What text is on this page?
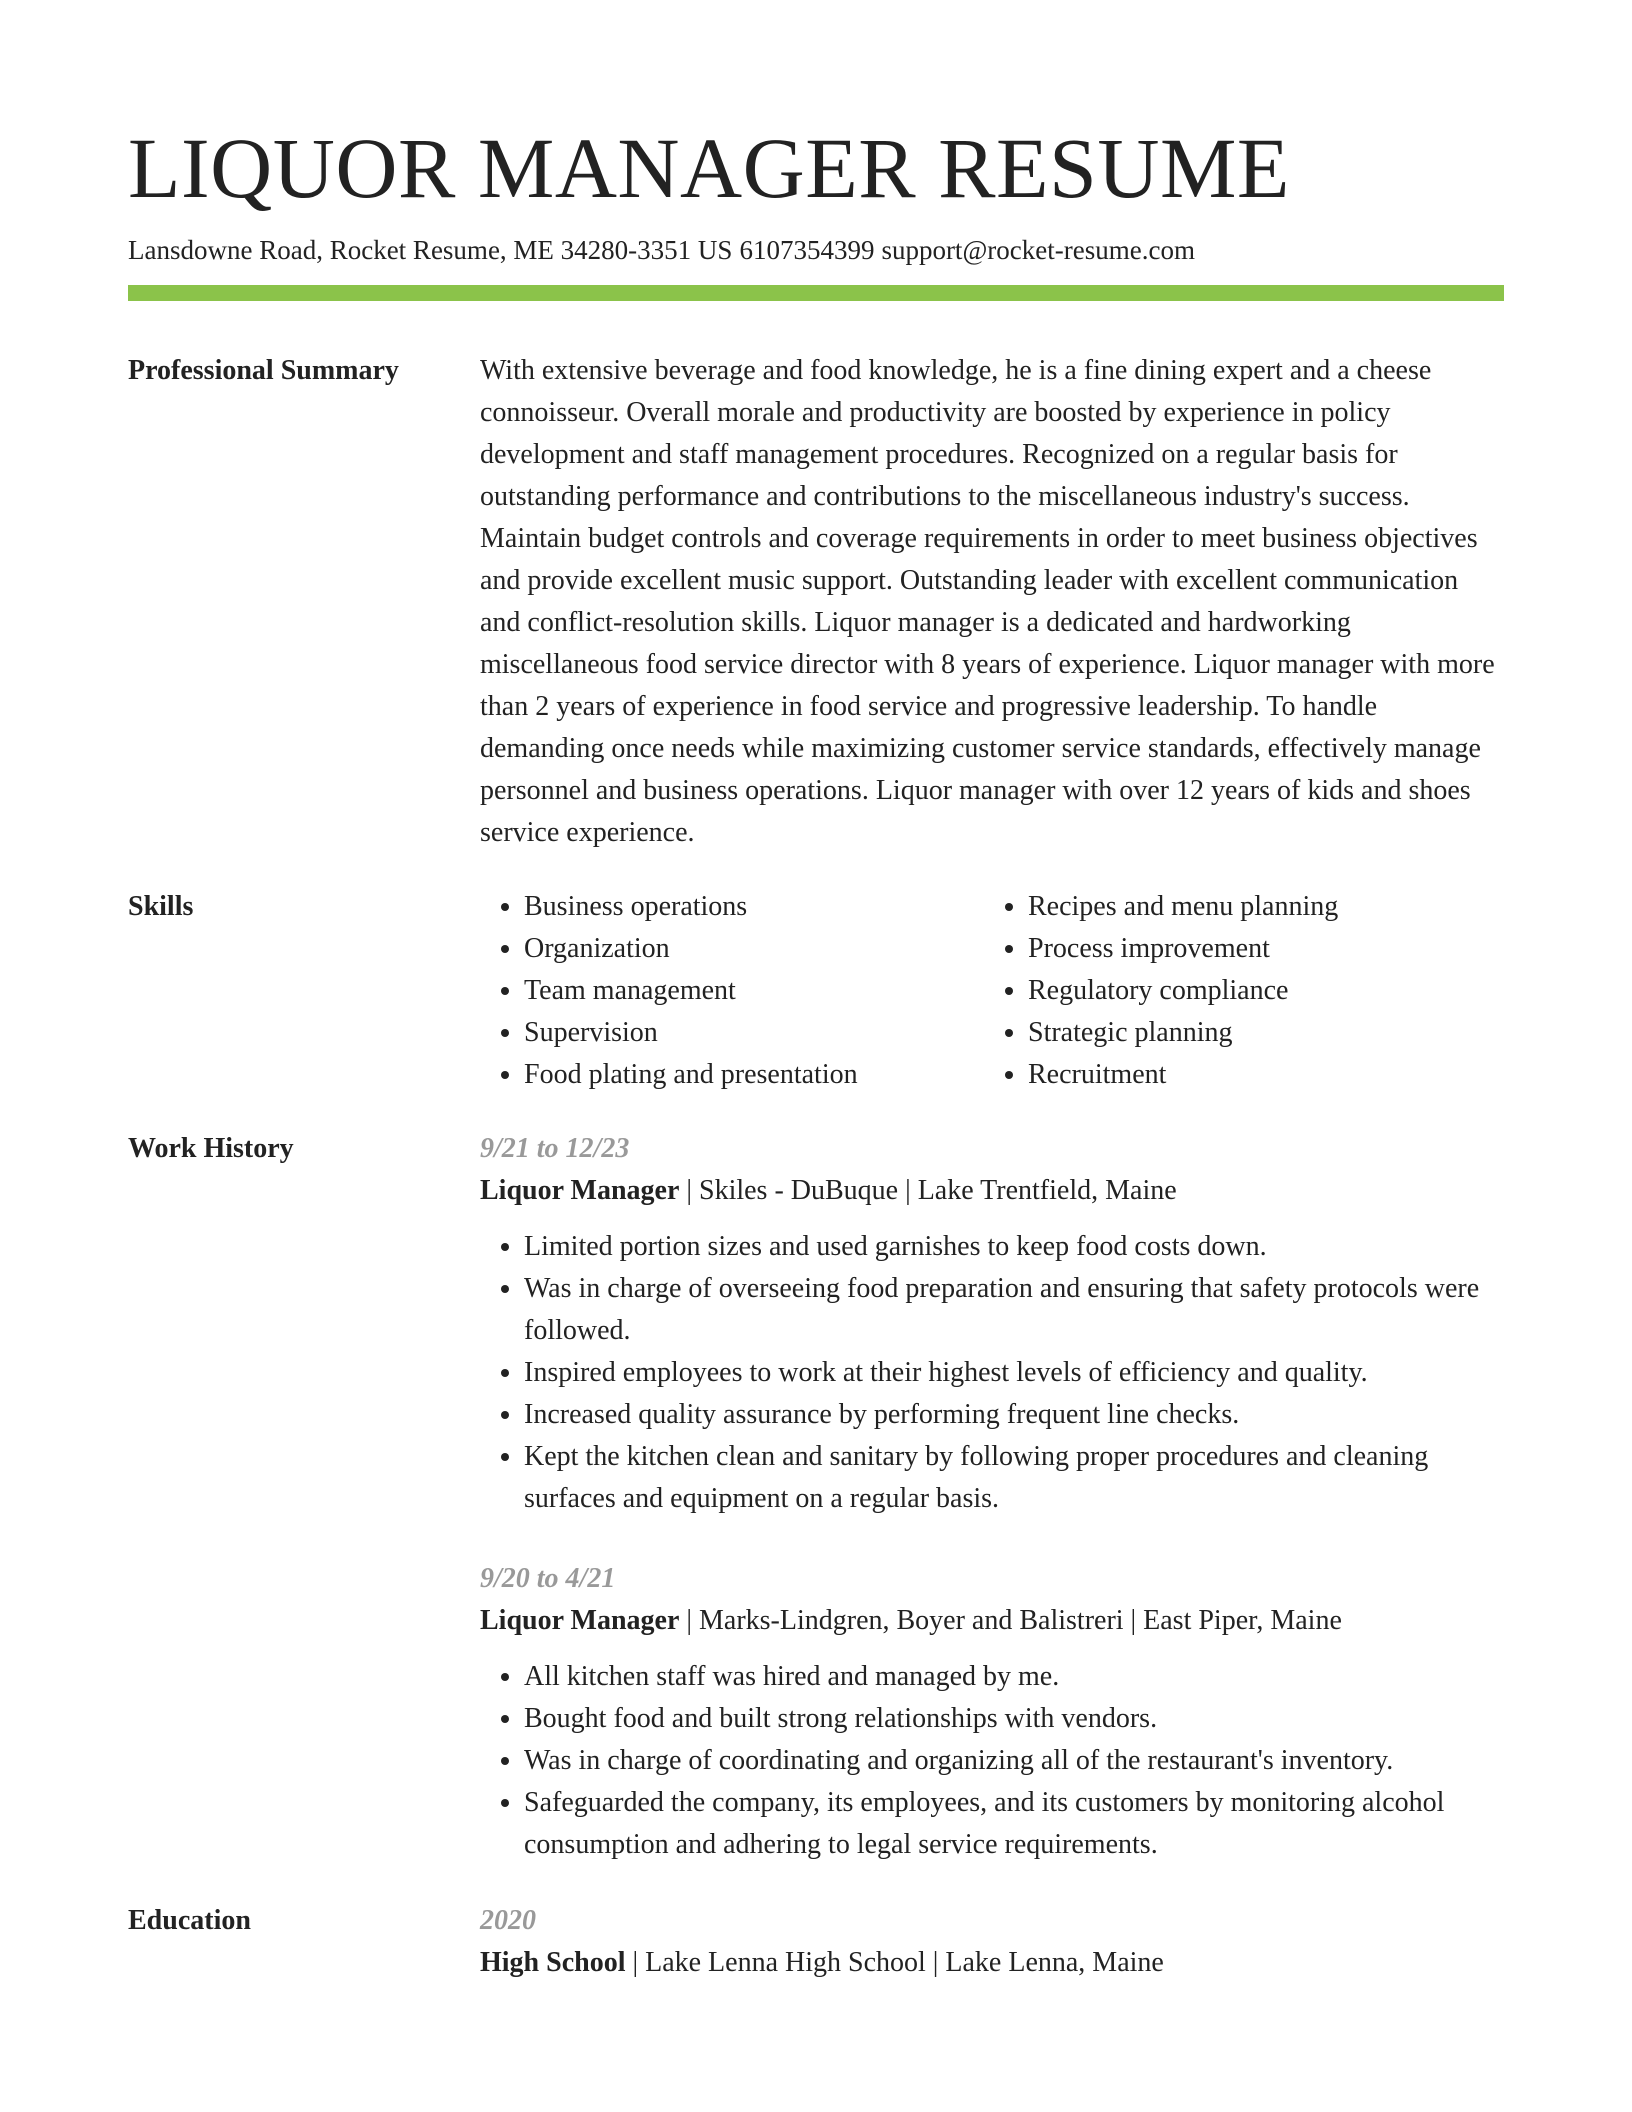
LIQUOR MANAGER RESUME
Lansdowne Road, Rocket Resume, ME 34280-3351 US 6107354399 support@rocket-resume.com
Professional Summary	With extensive beverage and food knowledge, he is a fine dining expert and a cheese connoisseur. Overall morale and productivity are boosted by experience in policy development and staff management procedures. Recognized on a regular basis for outstanding performance and contributions to the miscellaneous industry's success. Maintain budget controls and coverage requirements in order to meet business objectives and provide excellent music support. Outstanding leader with excellent communication and conflict-resolution skills. Liquor manager is a dedicated and hardworking miscellaneous food service director with 8 years of experience. Liquor manager with more than 2 years of experience in food service and progressive leadership. To handle demanding once needs while maximizing customer service standards, effectively manage personnel and business operations. Liquor manager with over 12 years of kids and shoes service experience.
Skills
•	Business operations
• Organization
• Team management
• Supervision
• Food plating and presentation
• Recipes and menu planning
• Process improvement
• Regulatory compliance
• Strategic planning
• Recruitment
Work History	9/21 to 12/23
Liquor Manager | Skiles - DuBuque | Lake Trentfield, Maine
• Limited portion sizes and used garnishes to keep food costs down.
• Was in charge of overseeing food preparation and ensuring that safety protocols were followed.
• Inspired employees to work at their highest levels of efficiency and quality.
• Increased quality assurance by performing frequent line checks.
• Kept the kitchen clean and sanitary by following proper procedures and cleaning surfaces and equipment on a regular basis.
9/20 to 4/21
Liquor Manager | Marks-Lindgren, Boyer and Balistreri | East Piper, Maine
• All kitchen staff was hired and managed by me.
• Bought food and built strong relationships with vendors.
• Was in charge of coordinating and organizing all of the restaurant's inventory.
• Safeguarded the company, its employees, and its customers by monitoring alcohol consumption and adhering to legal service requirements.
Education	2020
High School | Lake Lenna High School | Lake Lenna, Maine
